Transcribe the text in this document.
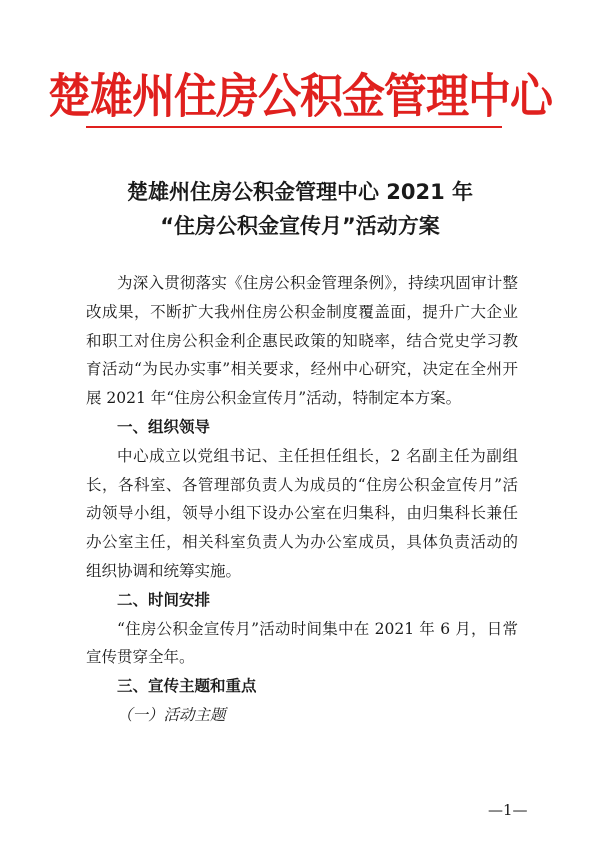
楚雄州住房公积金管理中心
楚雄州住房公积金管理中心 2021 年
“住房公积金宣传月”活动方案

为深入贯彻落实《住房公积金管理条例》，持续巩固审计整改成果，不断扩大我州住房公积金制度覆盖面，提升广大企业和职工对住房公积金利企惠民政策的知晓率，结合党史学习教育活动“为民办实事”相关要求，经州中心研究，决定在全州开展 2021 年“住房公积金宣传月”活动，特制定本方案。

一、组织领导

中心成立以党组书记、主任担任组长，2 名副主任为副组长，各科室、各管理部负责人为成员的“住房公积金宣传月”活动领导小组，领导小组下设办公室在归集科，由归集科长兼任办公室主任，相关科室负责人为办公室成员，具体负责活动的组织协调和统筹实施。

二、时间安排

“住房公积金宣传月”活动时间集中在 2021 年 6 月，日常宣传贯穿全年。

三、宣传主题和重点

（一）活动主题

—1—
